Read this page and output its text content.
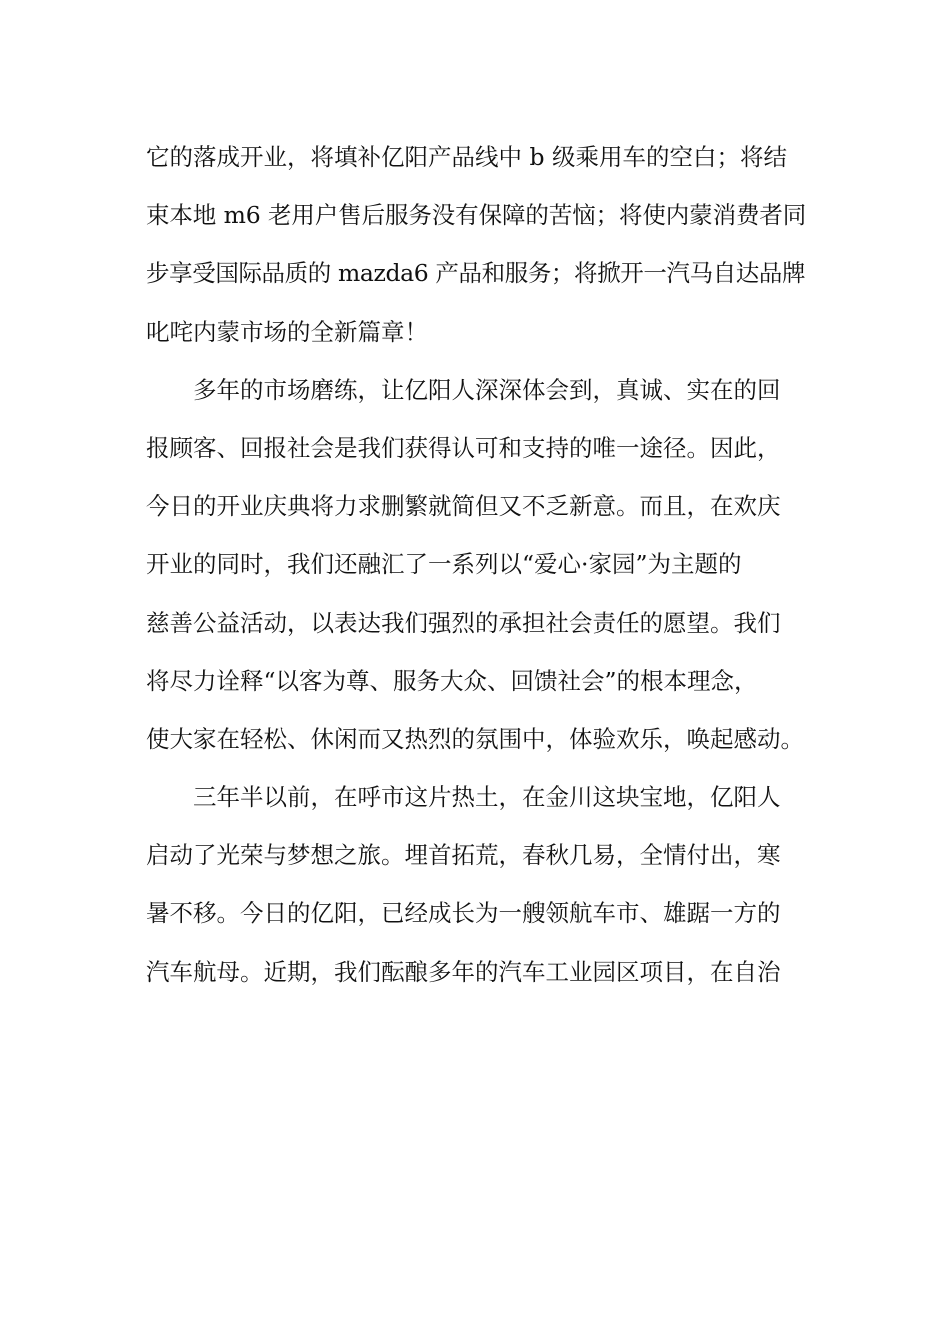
它的落成开业，将填补亿阳产品线中 b 级乘用车的空白；将结
束本地 m6 老用户售后服务没有保障的苦恼；将使内蒙消费者同
步享受国际品质的 mazda6 产品和服务；将掀开一汽马自达品牌
叱咤内蒙市场的全新篇章！
多年的市场磨练，让亿阳人深深体会到，真诚、实在的回
报顾客、回报社会是我们获得认可和支持的唯一途径。因此，
今日的开业庆典将力求删繁就简但又不乏新意。而且，在欢庆
开业的同时，我们还融汇了一系列以“爱心·家园”为主题的
慈善公益活动，以表达我们强烈的承担社会责任的愿望。我们
将尽力诠释“以客为尊、服务大众、回馈社会”的根本理念，
使大家在轻松、休闲而又热烈的氛围中，体验欢乐，唤起感动。
三年半以前，在呼市这片热土，在金川这块宝地，亿阳人
启动了光荣与梦想之旅。埋首拓荒，春秋几易，全情付出，寒
暑不移。今日的亿阳，已经成长为一艘领航车市、雄踞一方的
汽车航母。近期，我们酝酿多年的汽车工业园区项目，在自治
